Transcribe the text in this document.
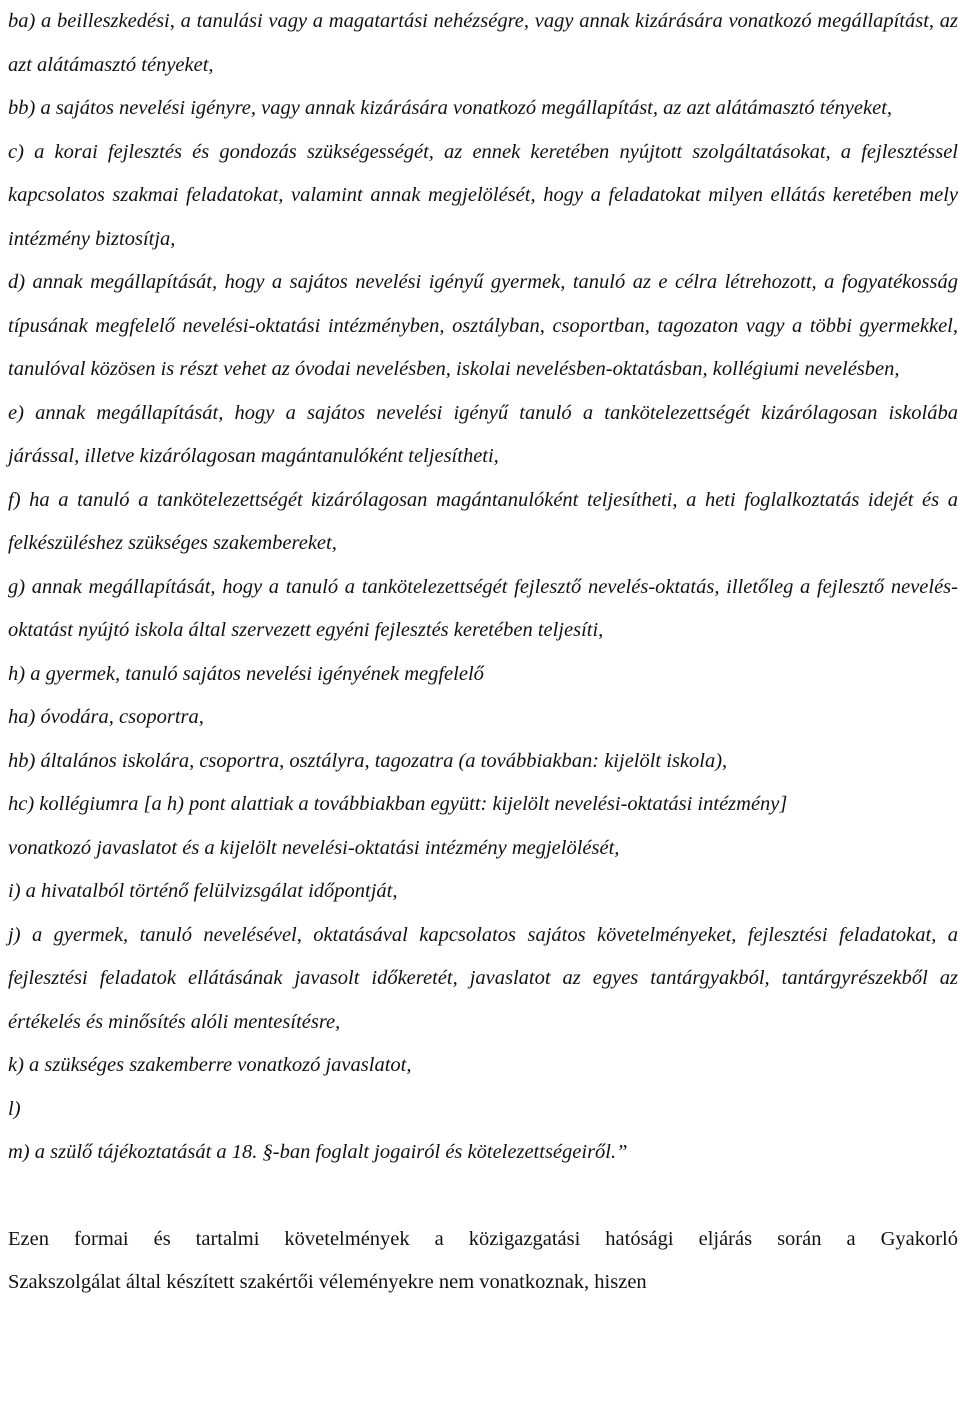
ba) a beilleszkedési, a tanulási vagy a magatartási nehézségre, vagy annak kizárására vonatkozó megállapítást, az azt alátámasztó tényeket,

bb) a sajátos nevelési igényre, vagy annak kizárására vonatkozó megállapítást, az azt alátámasztó tényeket,

c) a korai fejlesztés és gondozás szükségességét, az ennek keretében nyújtott szolgáltatásokat, a fejlesztéssel kapcsolatos szakmai feladatokat, valamint annak megjelölését, hogy a feladatokat milyen ellátás keretében mely intézmény biztosítja,

d) annak megállapítását, hogy a sajátos nevelési igényű gyermek, tanuló az e célra létrehozott, a fogyatékosság típusának megfelelő nevelési-oktatási intézményben, osztályban, csoportban, tagozaton vagy a többi gyermekkel, tanulóval közösen is részt vehet az óvodai nevelésben, iskolai nevelésben-oktatásban, kollégiumi nevelésben,

e) annak megállapítását, hogy a sajátos nevelési igényű tanuló a tankötelezettségét kizárólagosan iskolába járással, illetve kizárólagosan magántanulóként teljesítheti,

f) ha a tanuló a tankötelezettségét kizárólagosan magántanulóként teljesítheti, a heti foglalkoztatás idejét és a felkészüléshez szükséges szakembereket,

g) annak megállapítását, hogy a tanuló a tankötelezettségét fejlesztő nevelés-oktatás, illetőleg a fejlesztő nevelés-oktatást nyújtó iskola által szervezett egyéni fejlesztés keretében teljesíti,

h) a gyermek, tanuló sajátos nevelési igényének megfelelő

ha) óvodára, csoportra,

hb) általános iskolára, csoportra, osztályra, tagozatra (a továbbiakban: kijelölt iskola),

hc) kollégiumra [a h) pont alattiak a továbbiakban együtt: kijelölt nevelési-oktatási intézmény]

vonatkozó javaslatot és a kijelölt nevelési-oktatási intézmény megjelölését,

i) a hivatalból történő felülvizsgálat időpontját,

j) a gyermek, tanuló nevelésével, oktatásával kapcsolatos sajátos követelményeket, fejlesztési feladatokat, a fejlesztési feladatok ellátásának javasolt időkeretét, javaslatot az egyes tantárgyakból, tantárgyrészekből az értékelés és minősítés alóli mentesítésre,

k) a szükséges szakemberre vonatkozó javaslatot,

l)

m) a szülő tájékoztatását a 18. §-ban foglalt jogairól és kötelezettségeiről.”

Ezen formai és tartalmi követelmények a közigazgatási hatósági eljárás során a Gyakorló
Szakszolgálat által készített szakértői véleményekre nem vonatkoznak, hiszen
